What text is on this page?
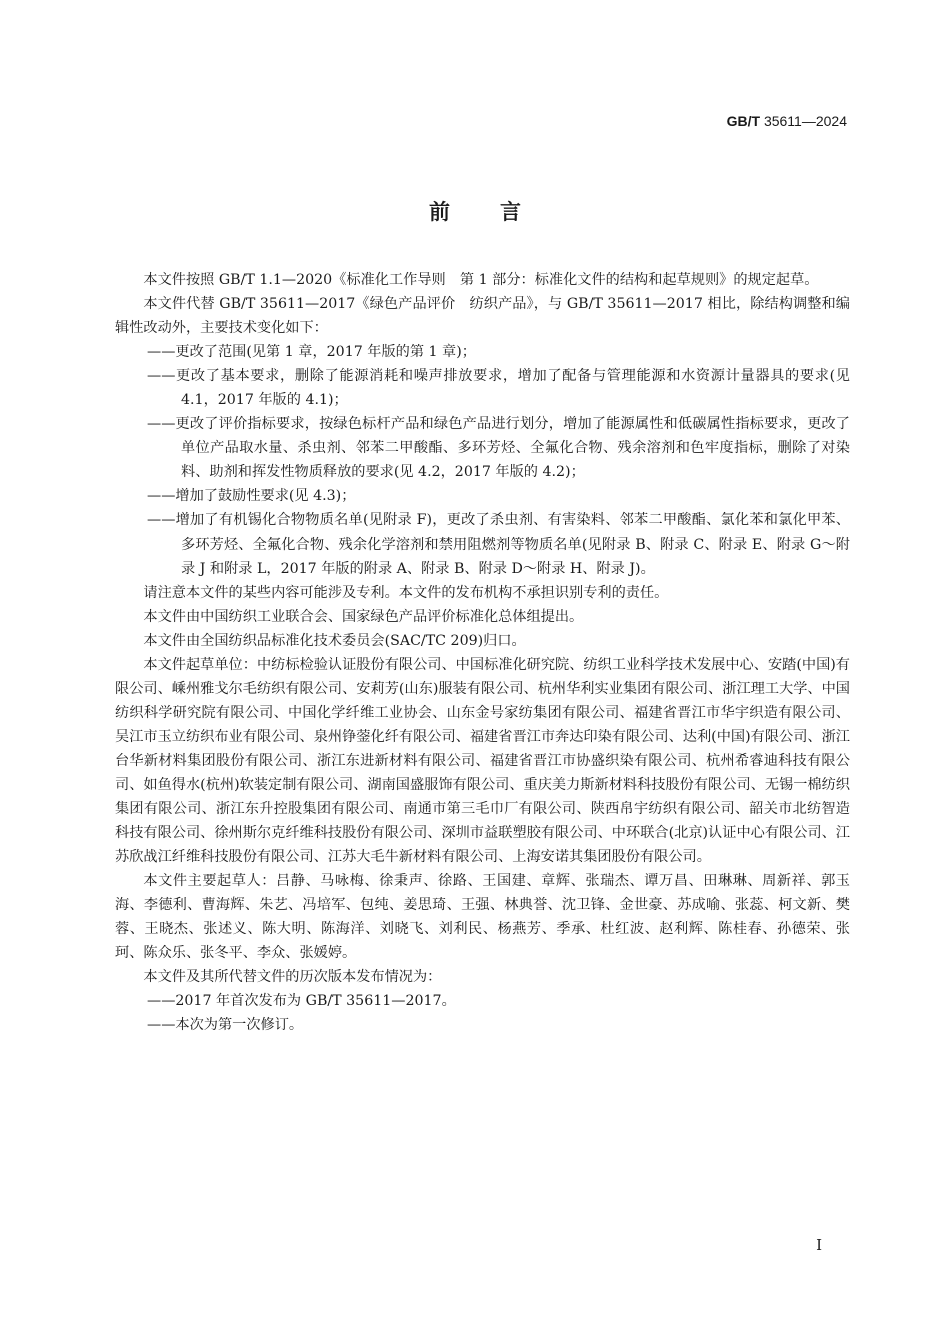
GB/T 35611—2024
前 言

本文件按照 GB/T 1.1—2020《标准化工作导则　第 1 部分：标准化文件的结构和起草规则》的规定起草。

本文件代替 GB/T 35611—2017《绿色产品评价　纺织产品》，与 GB/T 35611—2017 相比，除结构调整和编辑性改动外，主要技术变化如下：

——更改了范围(见第 1 章，2017 年版的第 1 章)；

——更改了基本要求，删除了能源消耗和噪声排放要求，增加了配备与管理能源和水资源计量器具的要求(见 4.1，2017 年版的 4.1)；

——更改了评价指标要求，按绿色标杆产品和绿色产品进行划分，增加了能源属性和低碳属性指标要求，更改了单位产品取水量、杀虫剂、邻苯二甲酸酯、多环芳烃、全氟化合物、残余溶剂和色牢度指标，删除了对染料、助剂和挥发性物质释放的要求(见 4.2，2017 年版的 4.2)；

——增加了鼓励性要求(见 4.3)；

——增加了有机锡化合物物质名单(见附录 F)，更改了杀虫剂、有害染料、邻苯二甲酸酯、氯化苯和氯化甲苯、多环芳烃、全氟化合物、残余化学溶剂和禁用阻燃剂等物质名单(见附录 B、附录 C、附录 E、附录 G～附录 J 和附录 L，2017 年版的附录 A、附录 B、附录 D～附录 H、附录 J)。

请注意本文件的某些内容可能涉及专利。本文件的发布机构不承担识别专利的责任。

本文件由中国纺织工业联合会、国家绿色产品评价标准化总体组提出。

本文件由全国纺织品标准化技术委员会(SAC/TC 209)归口。

本文件起草单位：中纺标检验认证股份有限公司、中国标准化研究院、纺织工业科学技术发展中心、安踏(中国)有限公司、嵊州雅戈尔毛纺织有限公司、安莉芳(山东)服装有限公司、杭州华利实业集团有限公司、浙江理工大学、中国纺织科学研究院有限公司、中国化学纤维工业协会、山东金号家纺集团有限公司、福建省晋江市华宇织造有限公司、吴江市玉立纺织布业有限公司、泉州铮蓥化纤有限公司、福建省晋江市奔达印染有限公司、达利(中国)有限公司、浙江台华新材料集团股份有限公司、浙江东进新材料有限公司、福建省晋江市协盛织染有限公司、杭州希睿迪科技有限公司、如鱼得水(杭州)软装定制有限公司、湖南国盛服饰有限公司、重庆美力斯新材料科技股份有限公司、无锡一棉纺织集团有限公司、浙江东升控股集团有限公司、南通市第三毛巾厂有限公司、陕西帛宇纺织有限公司、韶关市北纺智造科技有限公司、徐州斯尔克纤维科技股份有限公司、深圳市益联塑胶有限公司、中环联合(北京)认证中心有限公司、江苏欣战江纤维科技股份有限公司、江苏大毛牛新材料有限公司、上海安诺其集团股份有限公司。

本文件主要起草人：吕静、马咏梅、徐秉声、徐路、王国建、章辉、张瑞杰、谭万昌、田琳琳、周新祥、郭玉海、李德利、曹海辉、朱艺、冯培军、包纯、姜思琦、王强、林典誉、沈卫锋、金世豪、苏成喻、张蕊、柯文新、樊蓉、王晓杰、张述义、陈大明、陈海洋、刘晓飞、刘利民、杨燕芳、季承、杜红波、赵利辉、陈桂春、孙德荣、张珂、陈众乐、张冬平、李众、张媛婷。

本文件及其所代替文件的历次版本发布情况为：

——2017 年首次发布为 GB/T 35611—2017。

——本次为第一次修订。

I
